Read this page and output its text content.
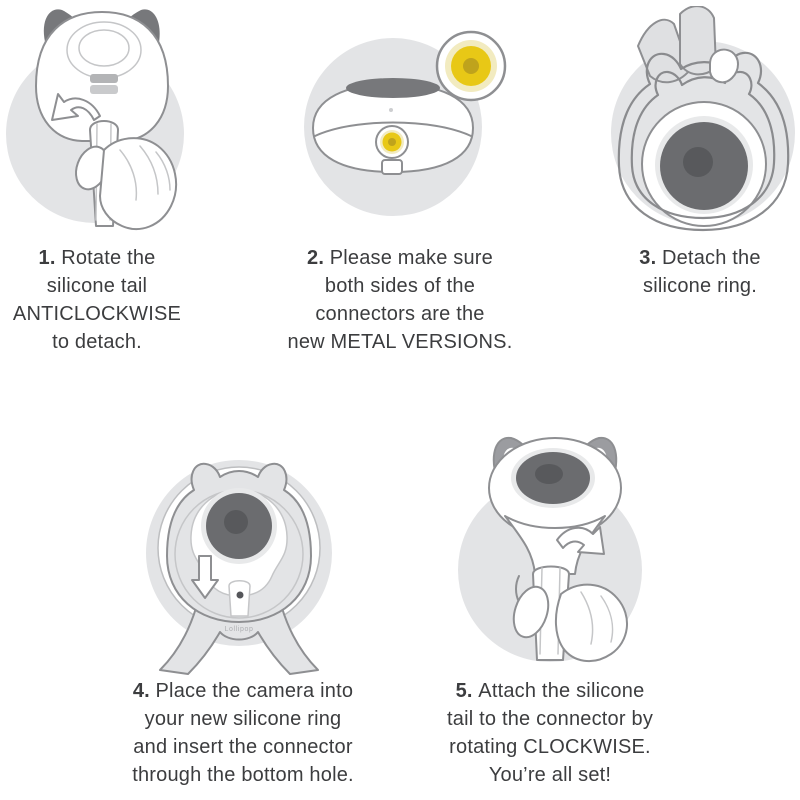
Lollipop
1. Rotate the
silicone tail
ANTICLOCKWISE
to detach.
2. Please make sure
both sides of the
connectors are the
new METAL VERSIONS.
3. Detach the
silicone ring.
4. Place the camera into
your new silicone ring
and insert the connector
through the bottom hole.
5. Attach the silicone
tail to the connector by
rotating CLOCKWISE.
You’re all set!
